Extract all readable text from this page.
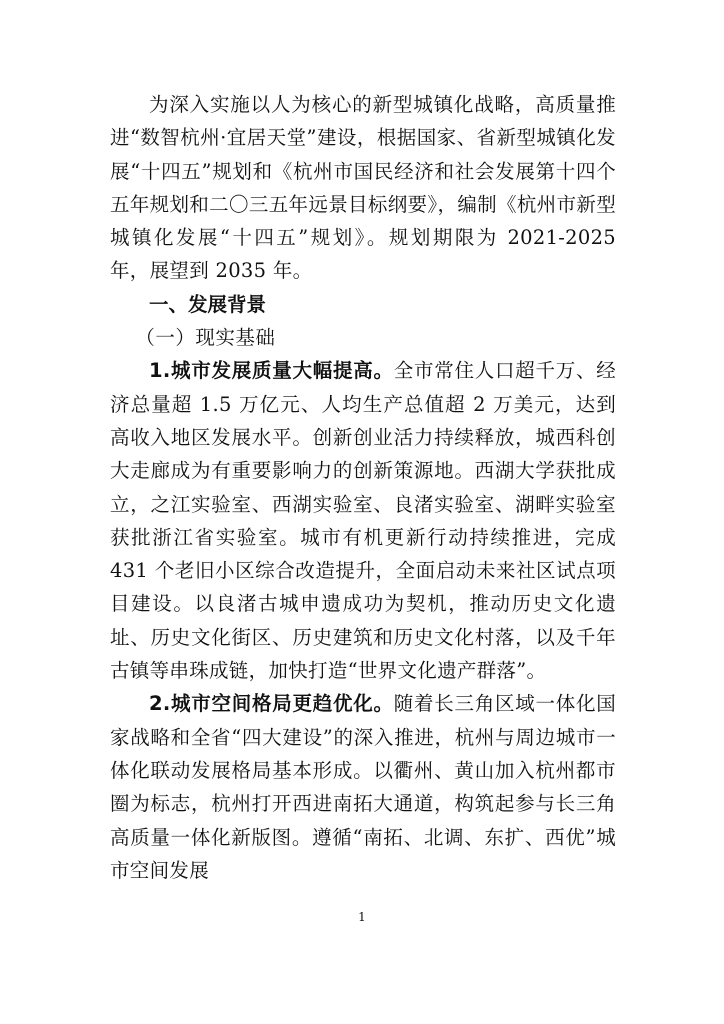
为深入实施以人为核心的新型城镇化战略，高质量推进“数智杭州·宜居天堂”建设，根据国家、省新型城镇化发展“十四五”规划和《杭州市国民经济和社会发展第十四个五年规划和二〇三五年远景目标纲要》，编制《杭州市新型城镇化发展“十四五”规划》。规划期限为 2021-2025 年，展望到 2035 年。

一、发展背景

（一）现实基础

1.城市发展质量大幅提高。全市常住人口超千万、经济总量超 1.5 万亿元、人均生产总值超 2 万美元，达到高收入地区发展水平。创新创业活力持续释放，城西科创大走廊成为有重要影响力的创新策源地。西湖大学获批成立，之江实验室、西湖实验室、良渚实验室、湖畔实验室获批浙江省实验室。城市有机更新行动持续推进，完成 431 个老旧小区综合改造提升，全面启动未来社区试点项目建设。以良渚古城申遗成功为契机，推动历史文化遗址、历史文化街区、历史建筑和历史文化村落，以及千年古镇等串珠成链，加快打造“世界文化遗产群落”。

2.城市空间格局更趋优化。随着长三角区域一体化国家战略和全省“四大建设”的深入推进，杭州与周边城市一体化联动发展格局基本形成。以衢州、黄山加入杭州都市圈为标志，杭州打开西进南拓大通道，构筑起参与长三角高质量一体化新版图。遵循“南拓、北调、东扩、西优”城市空间发展

1
